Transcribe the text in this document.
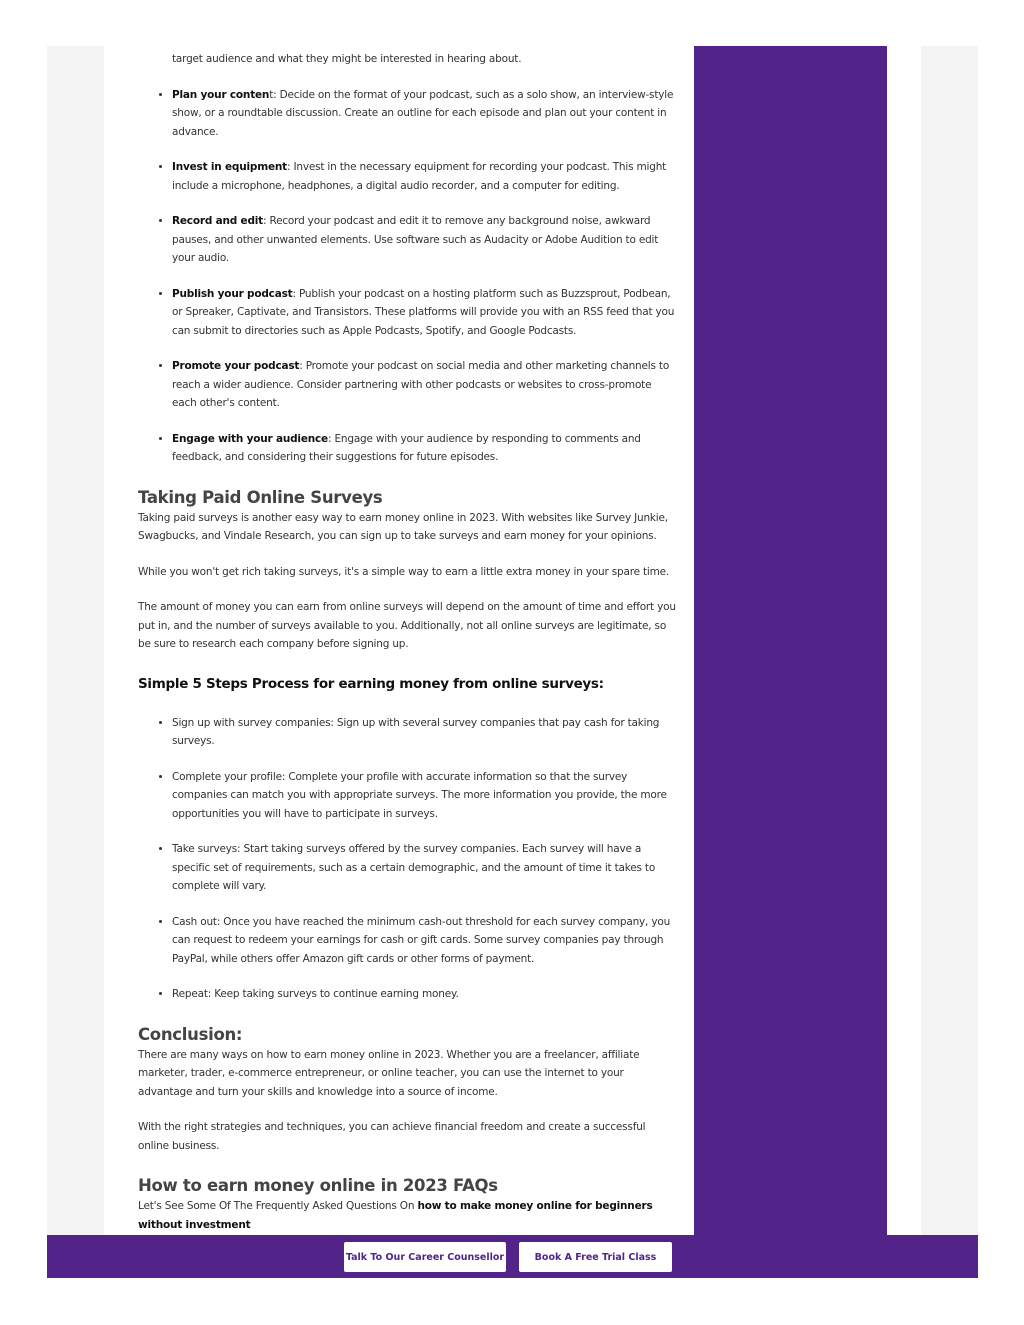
target audience and what they might be interested in hearing about.

• Plan your content: Decide on the format of your podcast, such as a solo show, an interview-style show, or a roundtable discussion. Create an outline for each episode and plan out your content in advance.
• Invest in equipment: Invest in the necessary equipment for recording your podcast. This might include a microphone, headphones, a digital audio recorder, and a computer for editing.
• Record and edit: Record your podcast and edit it to remove any background noise, awkward pauses, and other unwanted elements. Use software such as Audacity or Adobe Audition to edit your audio.
• Publish your podcast: Publish your podcast on a hosting platform such as Buzzsprout, Podbean, or Spreaker, Captivate, and Transistors. These platforms will provide you with an RSS feed that you can submit to directories such as Apple Podcasts, Spotify, and Google Podcasts.
• Promote your podcast: Promote your podcast on social media and other marketing channels to reach a wider audience. Consider partnering with other podcasts or websites to cross-promote each other's content.
• Engage with your audience: Engage with your audience by responding to comments and feedback, and considering their suggestions for future episodes.
Taking Paid Online Surveys

Taking paid surveys is another easy way to earn money online in 2023. With websites like Survey Junkie, Swagbucks, and Vindale Research, you can sign up to take surveys and earn money for your opinions.

While you won't get rich taking surveys, it's a simple way to earn a little extra money in your spare time.

The amount of money you can earn from online surveys will depend on the amount of time and effort you put in, and the number of surveys available to you. Additionally, not all online surveys are legitimate, so be sure to research each company before signing up.

Simple 5 Steps Process for earning money from online surveys:
• Sign up with survey companies: Sign up with several survey companies that pay cash for taking surveys.
• Complete your profile: Complete your profile with accurate information so that the survey companies can match you with appropriate surveys. The more information you provide, the more opportunities you will have to participate in surveys.
• Take surveys: Start taking surveys offered by the survey companies. Each survey will have a specific set of requirements, such as a certain demographic, and the amount of time it takes to complete will vary.
• Cash out: Once you have reached the minimum cash-out threshold for each survey company, you can request to redeem your earnings for cash or gift cards. Some survey companies pay through PayPal, while others offer Amazon gift cards or other forms of payment.
• Repeat: Keep taking surveys to continue earning money.
Conclusion:

There are many ways on how to earn money online in 2023. Whether you are a freelancer, affiliate marketer, trader, e-commerce entrepreneur, or online teacher, you can use the internet to your advantage and turn your skills and knowledge into a source of income.

With the right strategies and techniques, you can achieve financial freedom and create a successful online business.

How to earn money online in 2023 FAQs

Let's See Some Of The Frequently Asked Questions On how to make money online for beginners without investment

Talk To Our Career Counsellor	Book A Free Trial Class
